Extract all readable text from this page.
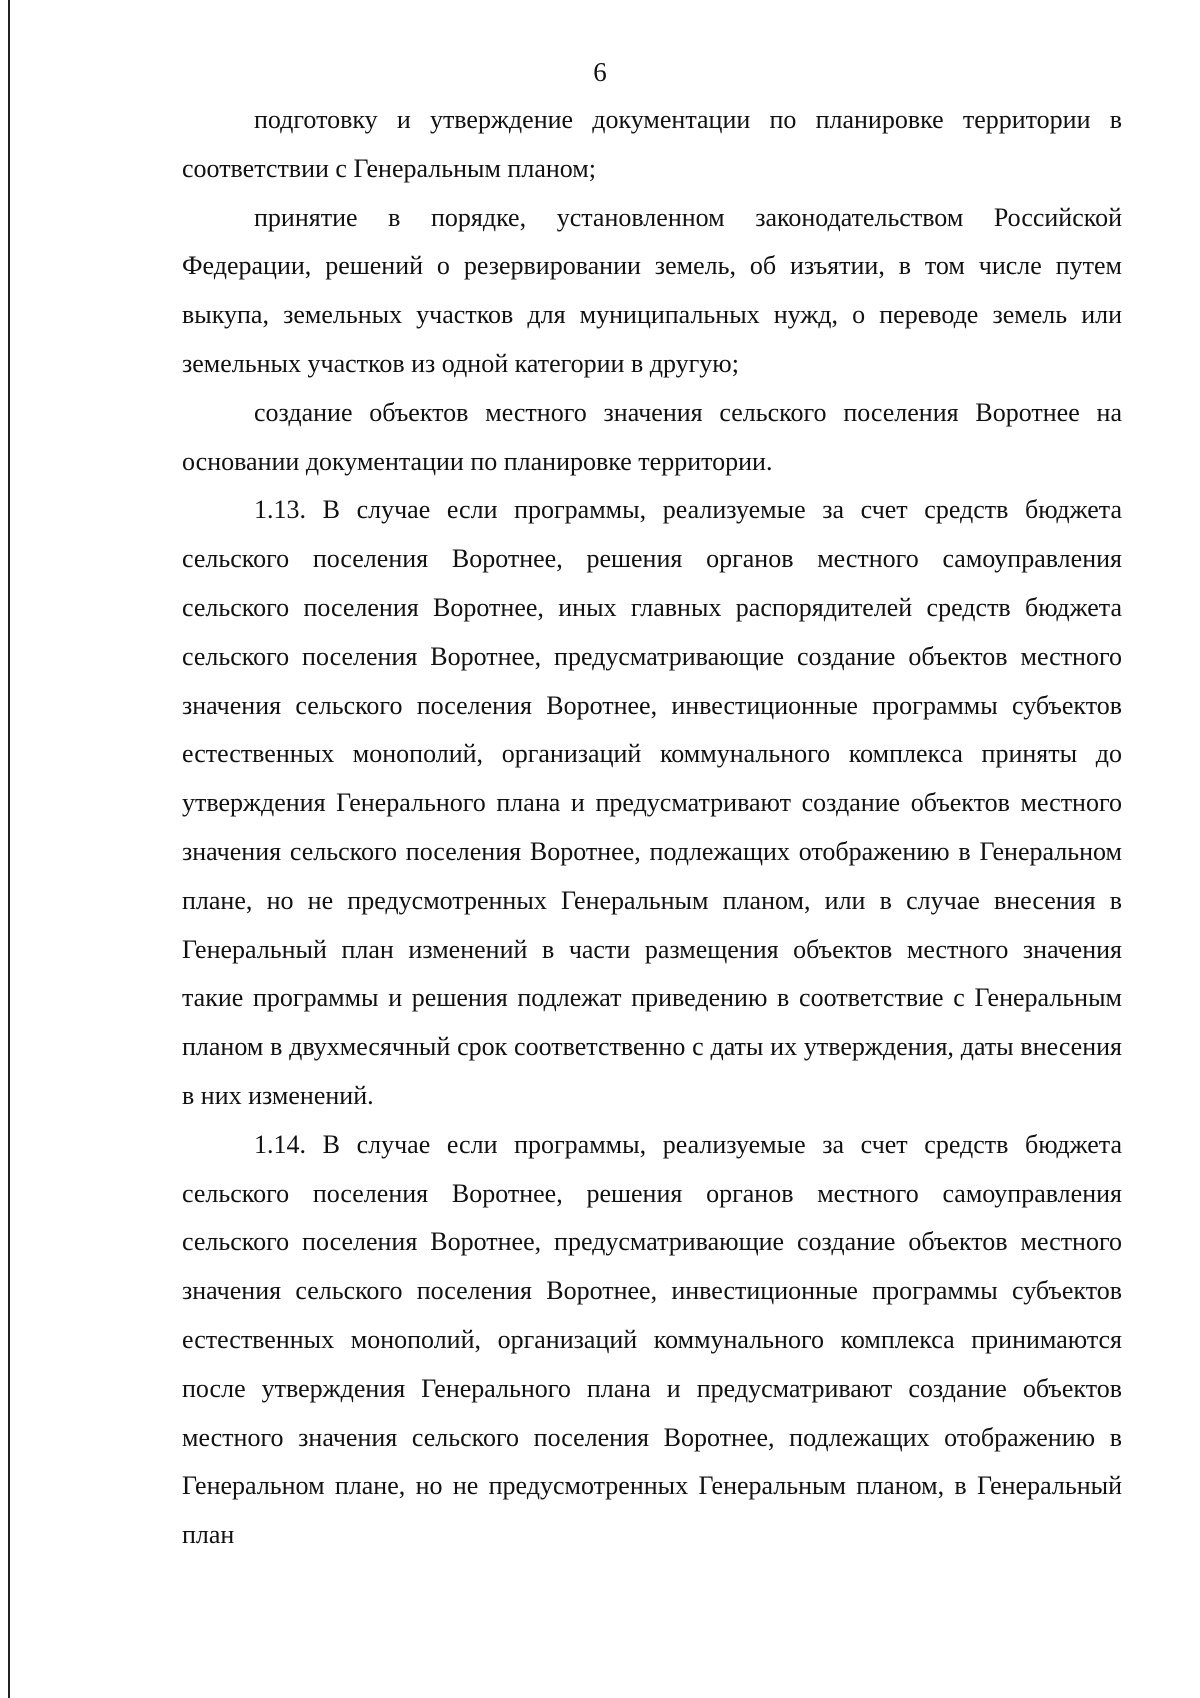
6

подготовку и утверждение документации по планировке территории в соответствии с Генеральным планом;

принятие в порядке, установленном законодательством Российской Федерации, решений о резервировании земель, об изъятии, в том числе путем выкупа, земельных участков для муниципальных нужд, о переводе земель или земельных участков из одной категории в другую;

создание объектов местного значения сельского поселения Воротнее на основании документации по планировке территории.

1.13. В случае если программы, реализуемые за счет средств бюджета сельского поселения Воротнее, решения органов местного самоуправления сельского поселения Воротнее, иных главных распорядителей средств бюджета сельского поселения Воротнее, предусматривающие создание объектов местного значения сельского поселения Воротнее, инвестиционные программы субъектов естественных монополий, организаций коммунального комплекса приняты до утверждения Генерального плана и предусматривают создание объектов местного значения сельского поселения Воротнее, подлежащих отображению в Генеральном плане, но не предусмотренных Генеральным планом, или в случае внесения в Генеральный план изменений в части размещения объектов местного значения такие программы и решения подлежат приведению в соответствие с Генеральным планом в двухмесячный срок соответственно с даты их утверждения, даты внесения в них изменений.

1.14. В случае если программы, реализуемые за счет средств бюджета сельского поселения Воротнее, решения органов местного самоуправления сельского поселения Воротнее, предусматривающие создание объектов местного значения сельского поселения Воротнее, инвестиционные программы субъектов естественных монополий, организаций коммунального комплекса принимаются после утверждения Генерального плана и предусматривают создание объектов местного значения сельского поселения Воротнее, подлежащих отображению в Генеральном плане, но не предусмотренных Генеральным планом, в Генеральный план
